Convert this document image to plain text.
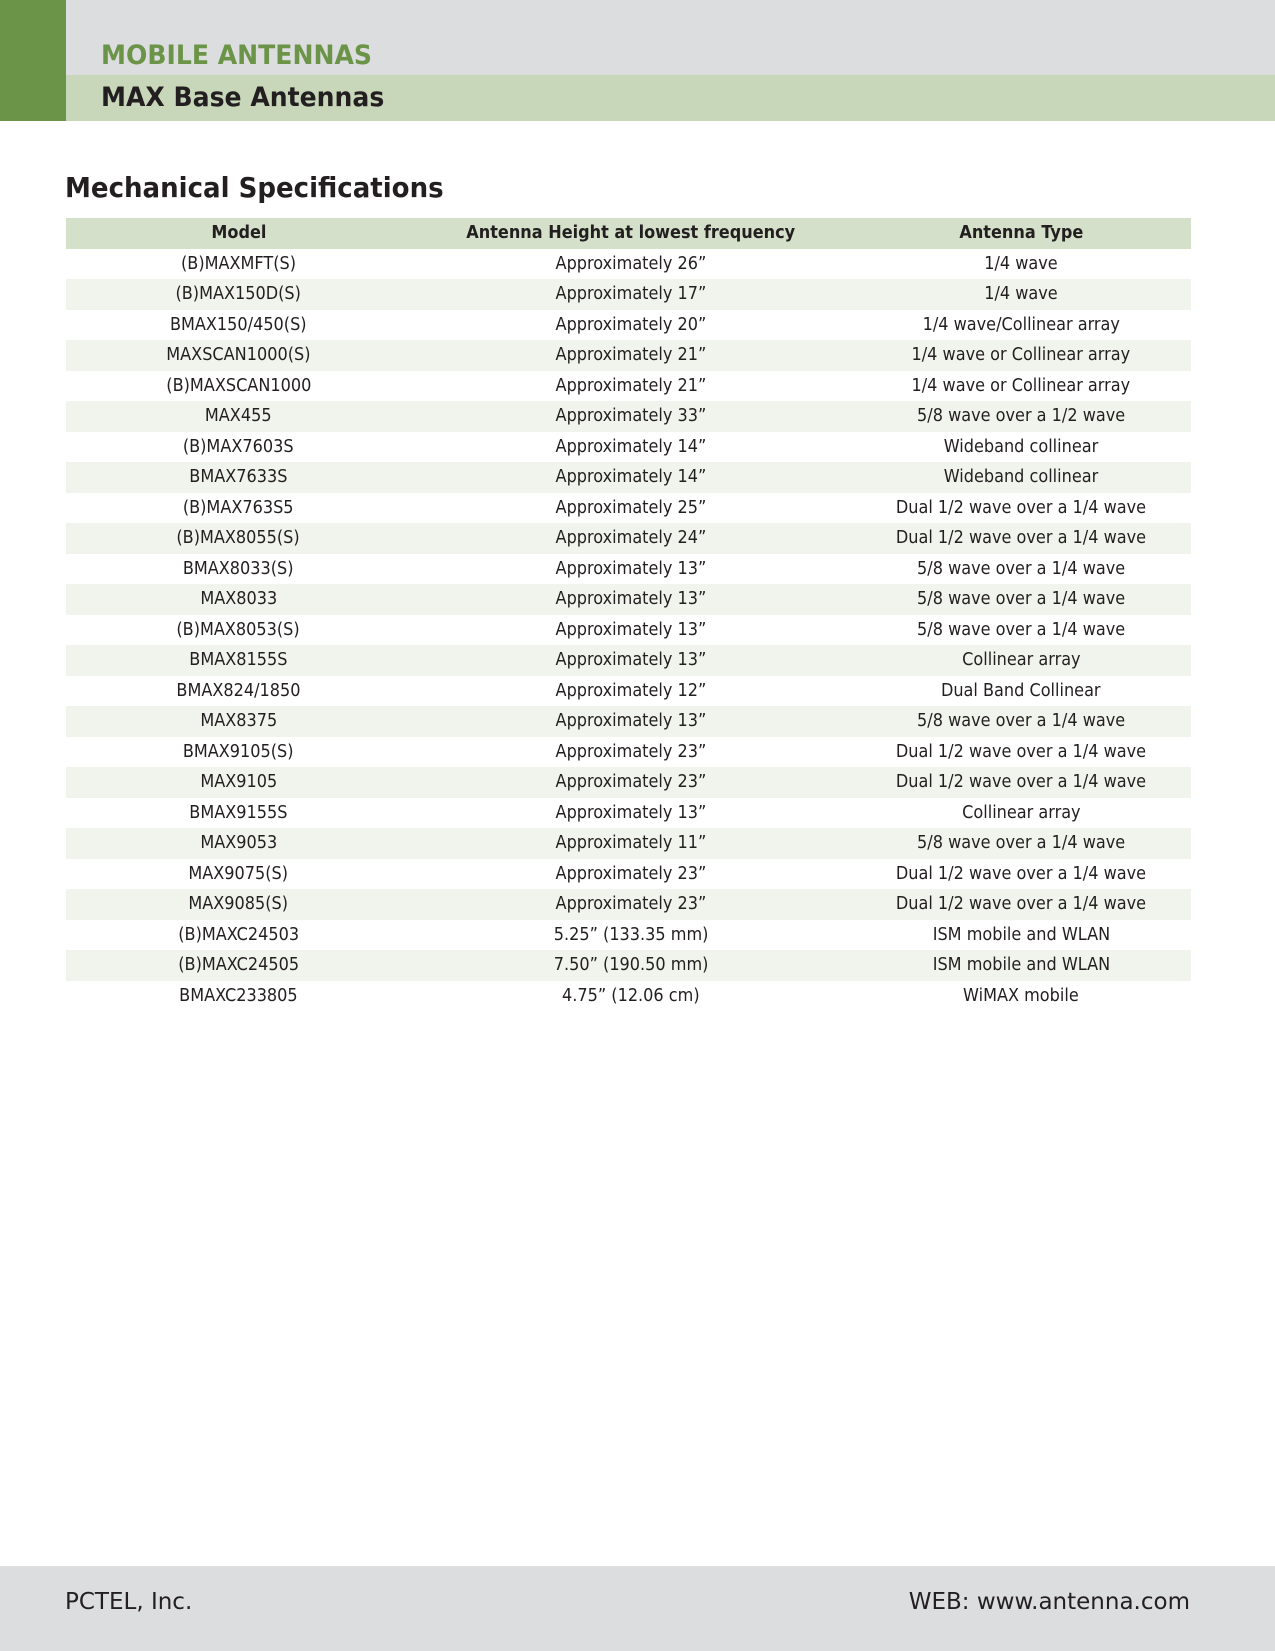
MOBILE ANTENNAS
MAX Base Antennas
Mechanical Specifications
Model	Antenna Height at lowest frequency	Antenna Type
(B)MAXMFT(S)	Approximately 26”	1/4 wave
(B)MAX150D(S)	Approximately 17”	1/4 wave
BMAX150/450(S)	Approximately 20”	1/4 wave/Collinear array
MAXSCAN1000(S)	Approximately 21”	1/4 wave or Collinear array
(B)MAXSCAN1000	Approximately 21”	1/4 wave or Collinear array
MAX455	Approximately 33”	5/8 wave over a 1/2 wave
(B)MAX7603S	Approximately 14”	Wideband collinear
BMAX7633S	Approximately 14”	Wideband collinear
(B)MAX763S5	Approximately 25”	Dual 1/2 wave over a 1/4 wave
(B)MAX8055(S)	Approximately 24”	Dual 1/2 wave over a 1/4 wave
BMAX8033(S)	Approximately 13”	5/8 wave over a 1/4 wave
MAX8033	Approximately 13”	5/8 wave over a 1/4 wave
(B)MAX8053(S)	Approximately 13”	5/8 wave over a 1/4 wave
BMAX8155S	Approximately 13”	Collinear array
BMAX824/1850	Approximately 12”	Dual Band Collinear
MAX8375	Approximately 13”	5/8 wave over a 1/4 wave
BMAX9105(S)	Approximately 23”	Dual 1/2 wave over a 1/4 wave
MAX9105	Approximately 23”	Dual 1/2 wave over a 1/4 wave
BMAX9155S	Approximately 13”	Collinear array
MAX9053	Approximately 11”	5/8 wave over a 1/4 wave
MAX9075(S)	Approximately 23”	Dual 1/2 wave over a 1/4 wave
MAX9085(S)	Approximately 23”	Dual 1/2 wave over a 1/4 wave
(B)MAXC24503	5.25” (133.35 mm)	ISM mobile and WLAN
(B)MAXC24505	7.50” (190.50 mm)	ISM mobile and WLAN
BMAXC233805	4.75” (12.06 cm)	WiMAX mobile
PCTEL, Inc.	WEB: www.antenna.com
